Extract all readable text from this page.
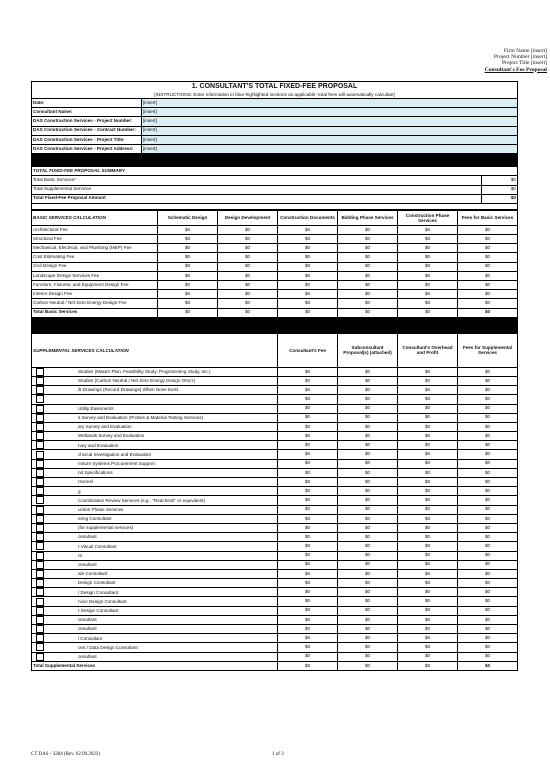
Firm Name [insert]
Project Number [insert]
Project Title [insert]
Consultant's Fee Proposal
1. CONSULTANT'S TOTAL FIXED-FEE PROPOSAL
[INSTRUCTIONS: Enter information in blue-highlighted sections as applicable; total fees will automatically calculate]
Date:	[insert]
Consultant Name:	[insert]
DAS Construction Services - Project Number:	[insert]
DAS Construction Services - Contract Number:	[insert]
DAS Construction Services - Project Title:	[insert]
DAS Construction Services - Project Address:	[insert]

TOTAL FIXED-FEE PROPOSAL SUMMARY	
Total Basic Services*	$0
Total Supplemental Services	$0
Total Fixed-Fee Proposal Amount	$0

BASIC SERVICES CALCULATION	Schematic Design	Design Development	Construction Documents	Bidding Phase Services	Construction Phase Services	Fees for Basic Services
Architectural Fee	$0	$0	$0	$0	$0	$0
Structural Fee	$0	$0	$0	$0	$0	$0
Mechanical, Electrical, and Plumbing (MEP) Fee	$0	$0	$0	$0	$0	$0
Cost Estimating Fee	$0	$0	$0	$0	$0	$0
Civil Design Fee	$0	$0	$0	$0	$0	$0
Landscape Design Services Fee	$0	$0	$0	$0	$0	$0
Furniture, Fixtures, and Equipment Design Fee	$0	$0	$0	$0	$0	$0
Interior Design Fee	$0	$0	$0	$0	$0	$0
Carbon Neutral / Net Zero Energy Design Fee	$0	$0	$0	$0	$0	$0
Total Basic Services	$0	$0	$0	$0	$0	$0

SUPPLEMENTAL SERVICES CALCULATION	Consultant's Fee	Subconsultant Proposal(s) (attached)	Consultant's Overhead and Profit	Fees for Supplemental Services
Studies (Master Plan, Feasibility Study, Programming Study, etc.)	$0	$0	$0	$0
Studies (Carbon Neutral / Net Zero Energy Design ONLY)	$0	$0	$0	$0
ilt Drawings (Record Drawings) When None Exist	$0	$0	$0	$0
	$0	$0	$0	$0
Utility Easements	$0	$0	$0	$0
s Survey and Evaluation (Probes & Material Testing Services)	$0	$0	$0	$0
ary Survey and Evaluation	$0	$0	$0	$0
Wetlands Survey and Evaluation	$0	$0	$0	$0
rvey and Evaluation	$0	$0	$0	$0
chnical Investigation and Evaluation	$0	$0	$0	$0
rniture Systems Procurement Support	$0	$0	$0	$0
nd Specifications	$0	$0	$0	$0
rsonnel	$0	$0	$0	$0
g	$0	$0	$0	$0
Coordination Review Services (e.g., "Redcheck" or equivalent)	$0	$0	$0	$0
uction Phase Services	$0	$0	$0	$0
ering Consultant	$0	$0	$0	$0
(for supplemental services)	$0	$0	$0	$0
onsultant	$0	$0	$0	$0
r Visual Consultant	$0	$0	$0	$0
nt	$0	$0	$0	$0
onsultant	$0	$0	$0	$0
ale Consultant	$0	$0	$0	$0
Design Consultant	$0	$0	$0	$0
/ Design Consultant	$0	$0	$0	$0
rvice Design Consultant	$0	$0	$0	$0
r Design Consultant	$0	$0	$0	$0
onsultant	$0	$0	$0	$0
onsultant	$0	$0	$0	$0
l Consultant	$0	$0	$0	$0
ons / Data Design Consultant	$0	$0	$0	$0
onsultant	$0	$0	$0	$0
Total Supplemental Services	$0	$0	$0	$0
CT DAS - 3284 (Rev. 02.09.2022)	1 of 3
